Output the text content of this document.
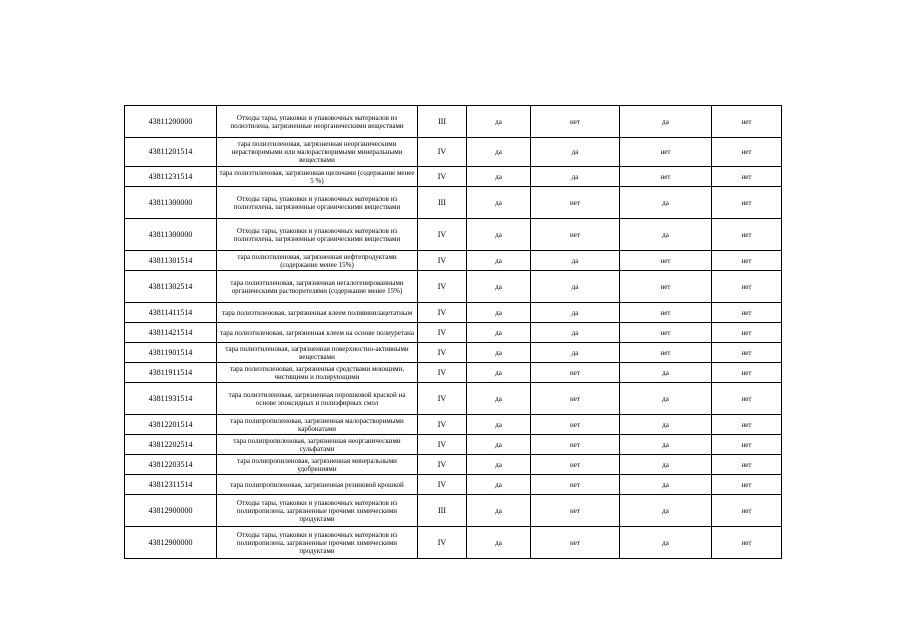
43811200000	Отходы тары, упаковки и упаковочных материалов из полиэтилена, загрязненные неорганическими веществами	III	да	нет	да	нет
43811201514	тара полиэтиленовая, загрязненная неорганическими нерастворимыми или малорастворимыми минеральными веществами	IV	да	да	нет	нет
43811231514	тара полиэтиленовая, загрязненная щелочами (содержание менее 5 %)	IV	да	да	нет	нет
43811300000	Отходы тары, упаковки и упаковочных материалов из полиэтилена, загрязненные органическими веществами	III	да	нет	да	нет
43811300000	Отходы тары, упаковки и упаковочных материалов из полиэтилена, загрязненные органическими веществами	IV	да	нет	да	нет
43811301514	тара полиэтиленовая, загрязненная нефтепродуктами (содержание менее 15%)	IV	да	да	нет	нет
43811302514	тара полиэтиленовая, загрязненная негалогенированными органическими растворителями (содержание менее 15%)	IV	да	да	нет	нет
43811411514	тара полиэтиленовая, загрязненная клеем поливинилацетатным	IV	да	да	нет	нет
43811421514	тара полиэтиленовая, загрязненная клеем на основе полиуретана	IV	да	да	нет	нет
43811901514	тара полиэтиленовая, загрязненная поверхностно-активными веществами	IV	да	да	нет	нет
43811911514	тара полиэтиленовая, загрязненная средствами моющими, чистящими и полирующими	IV	да	нет	да	нет
43811931514	тара полиэтиленовая, загрязненная порошковой краской на основе эпоксидных и полиэфирных смол	IV	да	нет	да	нет
43812201514	тара полипропиленовая, загрязненная малорастворимыми карбонатами	IV	да	нет	да	нет
43812202514	тара полипропиленовая, загрязненная неорганическими сульфатами	IV	да	нет	да	нет
43812203514	тара полипропиленовая, загрязненная минеральными удобрениями	IV	да	нет	да	нет
43812311514	тара полипропиленовая, загрязненная резиновой крошкой	IV	да	нет	да	нет
43812900000	Отходы тары, упаковки и упаковочных материалов из полипропилена, загрязненные прочими химическими продуктами	III	да	нет	да	нет
43812900000	Отходы тары, упаковки и упаковочных материалов из полипропилена, загрязненные прочими химическими продуктами	IV	да	нет	да	нет
